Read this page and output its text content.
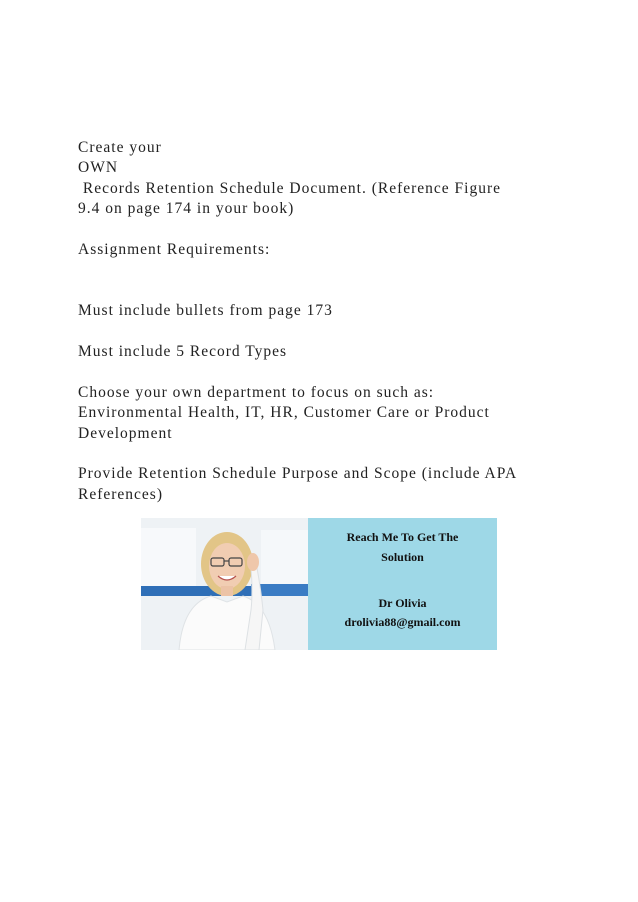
Create your
OWN
Records Retention Schedule Document. (Reference Figure
9.4 on page 174 in your book)
Assignment Requirements:
Must include bullets from page 173
Must include 5 Record Types
Choose your own department to focus on such as:
Environmental Health, IT, HR, Customer Care or Product
Development
Provide Retention Schedule Purpose and Scope (include APA
References)
Reach Me To Get The
Solution
Dr Olivia
drolivia88@gmail.com
